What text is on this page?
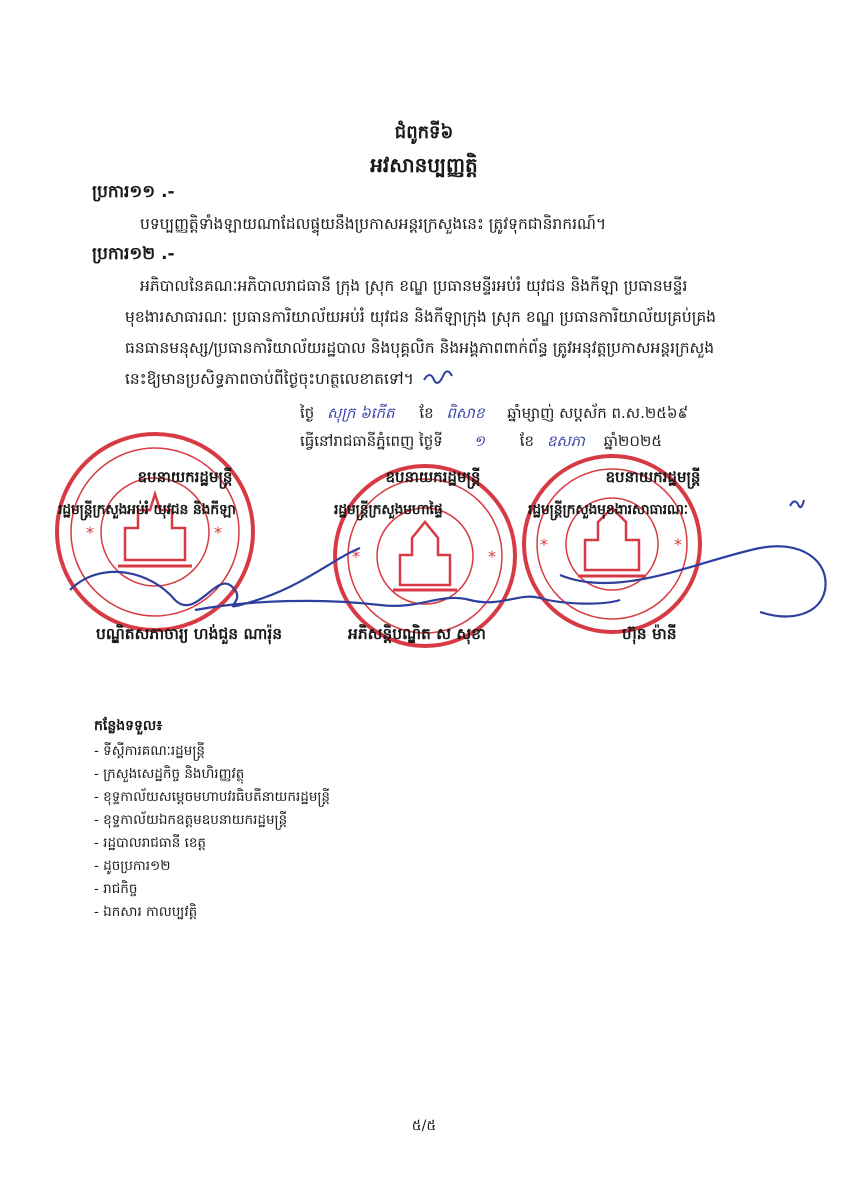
ជំពូកទី៦
អវសានប្បញ្ញត្តិ
ប្រការ១១ .-
បទប្បញ្ញត្តិទាំងឡាយណាដែលផ្ទុយនឹងប្រកាសអន្តរក្រសួងនេះ ត្រូវទុកជានិរាករណ៍។
ប្រការ១២ .-
អភិបាលនៃគណៈអភិបាលរាជធានី ក្រុង ស្រុក ខណ្ឌ ប្រធានមន្ទីរអប់រំ យុវជន និងកីឡា ប្រធានមន្ទីរ
មុខងារសាធារណៈ ប្រធានការិយាល័យអប់រំ យុវជន និងកីឡាក្រុង ស្រុក ខណ្ឌ ប្រធានការិយាល័យគ្រប់គ្រង
ធនធានមនុស្ស/ប្រធានការិយាល័យរដ្ឋបាល និងបុគ្គលិក និងអង្គភាពពាក់ព័ន្ធ ត្រូវអនុវត្តប្រកាសអន្តរក្រសួង
នេះឱ្យមានប្រសិទ្ធភាពចាប់ពីថ្ងៃចុះហត្ថលេខាតទៅ។
ថ្ងៃ សុក្រ ៦កើត ខែ ពិសាខ ឆ្នាំម្សាញ់ សប្តស័ក ព.ស.២៥៦៩
ធ្វើនៅរាជធានីភ្នំពេញ ថ្ងៃទី ១ ខែ ឧសភា ឆ្នាំ២០២៥
*	*
*	*
*	*
ឧបនាយករដ្ឋមន្ត្រី	ឧបនាយករដ្ឋមន្ត្រី	ឧបនាយករដ្ឋមន្ត្រី
រដ្ឋមន្ត្រីក្រសួងអប់រំ យុវជន និងកីឡា	រដ្ឋមន្ត្រីក្រសួងមហាផ្ទៃ	រដ្ឋមន្ត្រីក្រសួងមុខងារសាធារណៈ
បណ្ឌិតសភាចារ្យ ហង់ជួន ណារ៉ុន	អភិសន្តិបណ្ឌិត ស សុខា	ហ៊ុន ម៉ានី
កន្លែងទទួល៖
- ទីស្តីការគណៈរដ្ឋមន្ត្រី
- ក្រសួងសេដ្ឋកិច្ច និងហិរញ្ញវត្ថុ
- ខុទ្ទកាល័យសម្តេចមហាបវរធិបតីនាយករដ្ឋមន្ត្រី
- ខុទ្ទកាល័យឯកឧត្តមឧបនាយករដ្ឋមន្ត្រី
- រដ្ឋបាលរាជធានី ខេត្ត
- ដូចប្រការ១២
- រាជកិច្ច
- ឯកសារ កាលប្បវត្តិ
៥/៥
